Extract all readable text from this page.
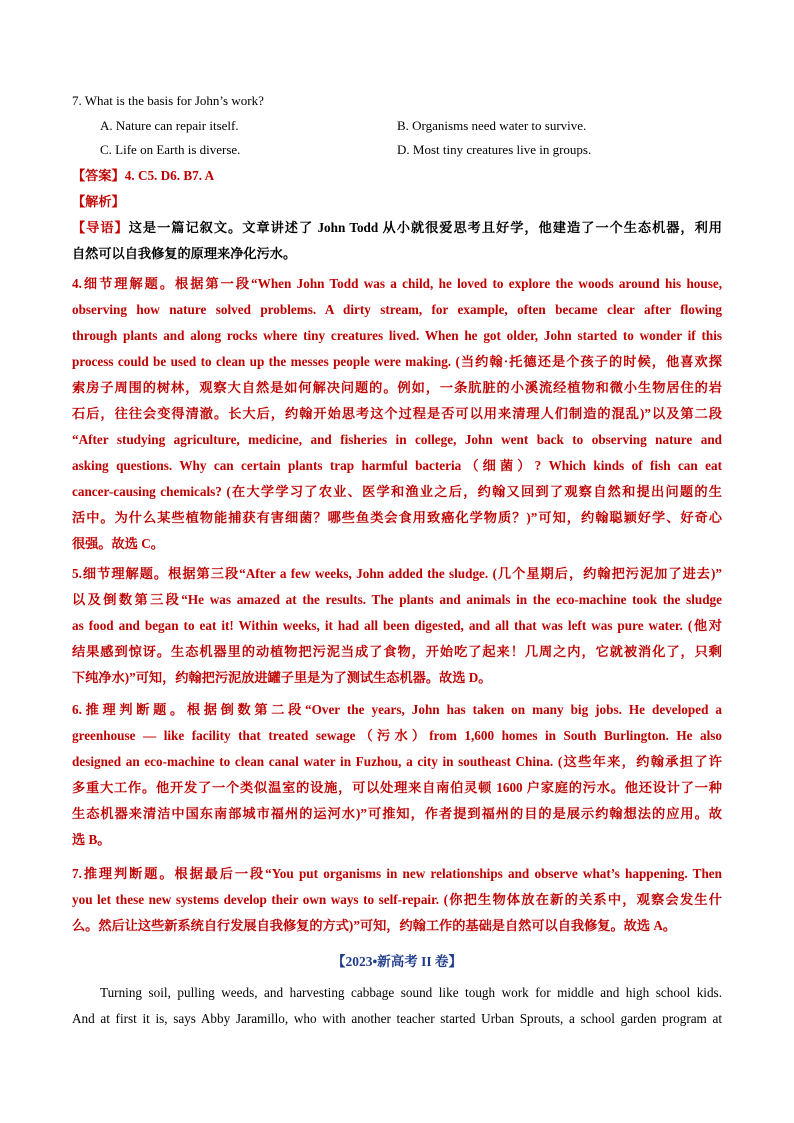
7. What is the basis for John’s work?
A. Nature can repair itself.	B. Organisms need water to survive.
C. Life on Earth is diverse.	D. Most tiny creatures live in groups.
【答案】4. C5. D6. B7. A
【解析】
【导语】这是一篇记叙文。文章讲述了 John Todd 从小就很爱思考且好学，他建造了一个生态机器，利用
自然可以自我修复的原理来净化污水。
4.细节理解题。根据第一段“When John Todd was a child, he loved to explore the woods around his house,
observing how nature solved problems. A dirty stream, for example, often became clear after flowing
through plants and along rocks where tiny creatures lived. When he got older, John started to wonder if this
process could be used to clean up the messes people were making. (当约翰·托德还是个孩子的时候，他喜欢探
索房子周围的树林，观察大自然是如何解决问题的。例如，一条肮脏的小溪流经植物和微小生物居住的岩
石后，往往会变得清澈。长大后，约翰开始思考这个过程是否可以用来清理人们制造的混乱)”以及第二段
“After studying agriculture, medicine, and fisheries in college, John went back to observing nature and
asking questions. Why can certain plants trap harmful bacteria（细菌）? Which kinds of fish can eat
cancer-causing chemicals? (在大学学习了农业、医学和渔业之后，约翰又回到了观察自然和提出问题的生
活中。为什么某些植物能捕获有害细菌？哪些鱼类会食用致癌化学物质？)”可知，约翰聪颖好学、好奇心
很强。故选 C。
5.细节理解题。根据第三段“After a few weeks, John added the sludge. (几个星期后，约翰把污泥加了进去)”
以及倒数第三段“He was amazed at the results. The plants and animals in the eco-machine took the sludge
as food and began to eat it! Within weeks, it had all been digested, and all that was left was pure water. (他对
结果感到惊讶。生态机器里的动植物把污泥当成了食物，开始吃了起来！几周之内，它就被消化了，只剩
下纯净水)”可知，约翰把污泥放进罐子里是为了测试生态机器。故选 D。
6.推理判断题。根据倒数第二段“Over the years, John has taken on many big jobs. He developed a
greenhouse — like facility that treated sewage（污水）from 1,600 homes in South Burlington. He also
designed an eco-machine to clean canal water in Fuzhou, a city in southeast China. (这些年来，约翰承担了许
多重大工作。他开发了一个类似温室的设施，可以处理来自南伯灵顿 1600 户家庭的污水。他还设计了一种
生态机器来清洁中国东南部城市福州的运河水)”可推知，作者提到福州的目的是展示约翰想法的应用。故
选 B。
7.推理判断题。根据最后一段“You put organisms in new relationships and observe what’s happening. Then
you let these new systems develop their own ways to self-repair. (你把生物体放在新的关系中，观察会发生什
么。然后让这些新系统自行发展自我修复的方式)”可知，约翰工作的基础是自然可以自我修复。故选 A。
【2023•新高考 II 卷】
Turning soil, pulling weeds, and harvesting cabbage sound like tough work for middle and high school kids.
And at first it is, says Abby Jaramillo, who with another teacher started Urban Sprouts, a school garden program at
